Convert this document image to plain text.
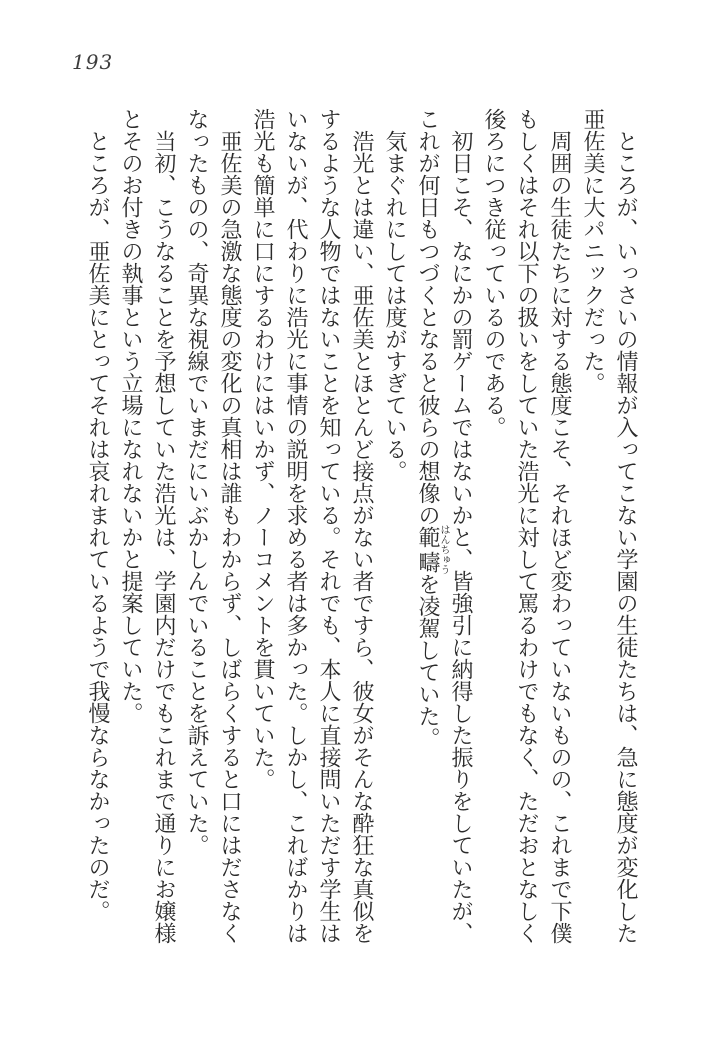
193

ところが、いっさいの情報が入ってこない学園の生徒たちは、急に態度が変化した亜佐美に大パニックだった。

周囲の生徒たちに対する態度こそ、それほど変わっていないものの、これまで下僕もしくはそれ以下の扱いをしていた浩光に対して罵るわけでもなく、ただおとなしく後ろにつき従っているのである。

初日こそ、なにかの罰ゲームではないかと、皆強引に納得した振りをしていたが、これが何日もつづくとなると彼らの想像の範疇はんちゅうを凌駕していた。

気まぐれにしては度がすぎている。

浩光とは違い、亜佐美とほとんど接点がない者ですら、彼女がそんな酔狂な真似をするような人物ではないことを知っている。それでも、本人に直接問いただす学生はいないが、代わりに浩光に事情の説明を求める者は多かった。しかし、こればかりは浩光も簡単に口にするわけにはいかず、ノーコメントを貫いていた。

亜佐美の急激な態度の変化の真相は誰もわからず、しばらくすると口にはださなくなったものの、奇異な視線でいまだにいぶかしんでいることを訴えていた。

当初、こうなることを予想していた浩光は、学園内だけでもこれまで通りにお嬢様とそのお付きの執事という立場になれないかと提案していた。

ところが、亜佐美にとってそれは哀れまれているようで我慢ならなかったのだ。
